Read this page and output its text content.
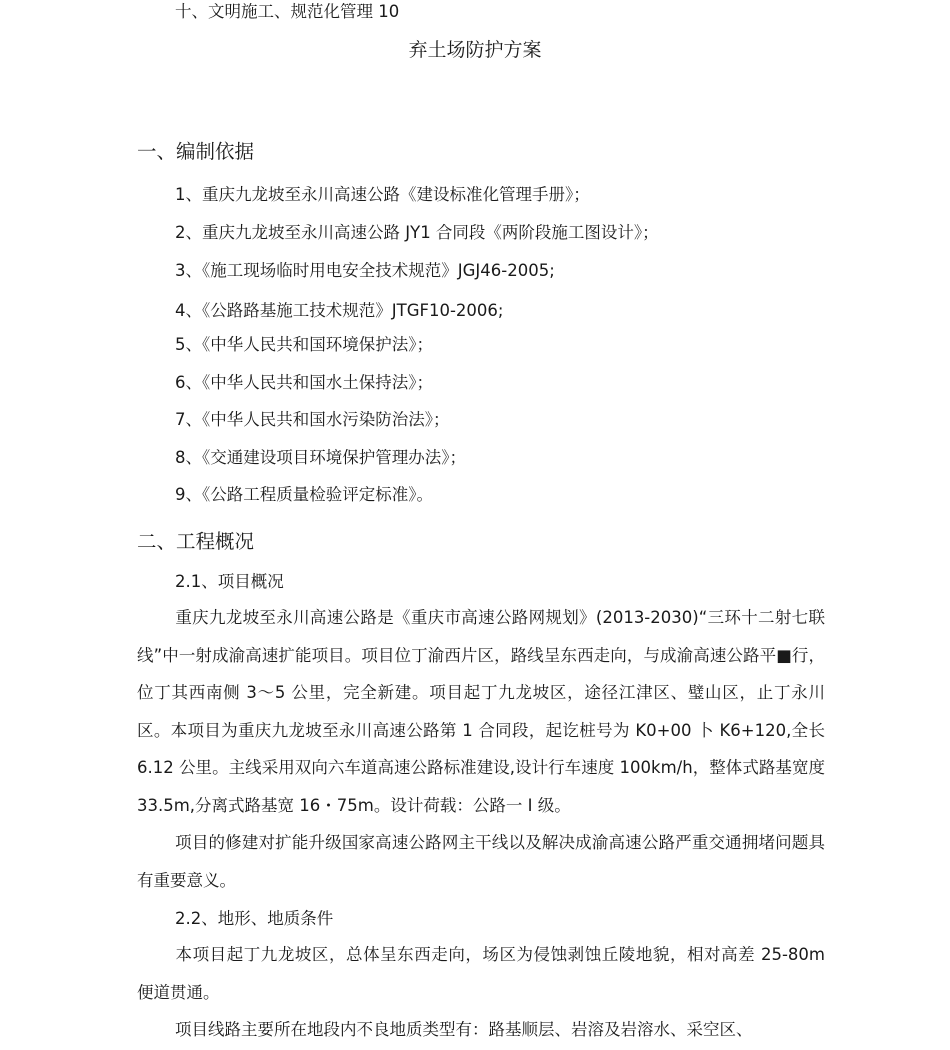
十、文明施工、规范化管理 10
弃土场防护方案
一、编制依据
1、重庆九龙坡至永川高速公路《建设标准化管理手册》；
2、重庆九龙坡至永川高速公路 JY1 合同段《两阶段施工图设计》；
3、《施工现场临时用电安全技术规范》JGJ46-2005;
4、《公路路基施工技术规范》JTGF10-2006;
5、《中华人民共和国环境保护法》；
6、《中华人民共和国水土保持法》；
7、《中华人民共和国水污染防治法》；
8、《交通建设项目环境保护管理办法》；
9、《公路工程质量检验评定标准》。
二、工程概况
2.1、项目概况
重庆九龙坡至永川高速公路是《重庆市高速公路网规划》(2013-2030)“三环十二射七联线”中一射成渝高速扩能项目。项目位丁渝西片区，路线呈东西走向，与成渝高速公路平■行，位丁其西南侧 3〜5 公里，完全新建。项目起丁九龙坡区，途径江津区、璧山区，止丁永川区。本项目为重庆九龙坡至永川高速公路第 1 合同段，起讫桩号为 K0+00 卜 K6+120,全长 6.12 公里。主线采用双向六车道高速公路标准建设,设计行车速度 100km/h，整体式路基宽度 33.5m,分离式路基宽 16・75m。设计荷载：公路一 I 级。
项目的修建对扩能升级国家高速公路网主干线以及解决成渝高速公路严重交通拥堵问题具有重要意义。
2.2、地形、地质条件
本项目起丁九龙坡区，总体呈东西走向，场区为侵蚀剥蚀丘陵地貌，相对高差 25-80m 便道贯通。
项目线路主要所在地段内不良地质类型有：路基顺层、岩溶及岩溶水、采空区、
